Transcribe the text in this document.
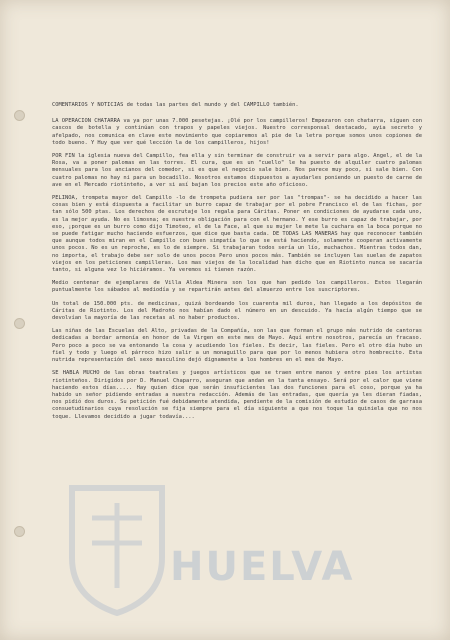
COMENTARIOS Y NOTICIAS de todas las partes del mundo y del CAMPILLO también.

LA OPERACION CHATARRA va ya por unas 7.000 pesetejas. ¡Olé por los campilleros! Empezaron con chatarra, siguen con cascos de botella y continúan con trapos y papeles viejos. Nuestro corresponsal destacado, ayia secreto y afelpado, nos comunica en clave este movimiento que copiaremos al pie de la letra porque somos unos copiones de todo bueno. Y Huy que ver qué lección la de los campilleros, hijos!

POR FIN la iglesia nueva del Campillo, fea ella y sin terminar de construir va a servir para algo. Angel, el de la Rosa, va a poner palomas en las torres. El cura, que es un "cuello" le ha puesto de alquiler cuatro palomas mensuales para los ancianos del comedor, si es que el negocio sale bien. Nos parece muy poco, si sale bien. Con cuatro palomas no hay ni para un bocadillo. Nosotros estamos dispuestos a ayudarles poniendo un puesto de carne de ave en el Mercado riotinteño, a ver si así bajan los precios este año oficioso.

PELINOA, trompeta mayor del Campillo -lo de trompeta pudiera ser por las "trompas"- se ha decidido a hacer las cosas bien y está dispuesta a facilitar un burro capaz de trabajar por el pobre Francisco el de las fichas, por tan sólo 500 ptas. Los derechos de escrutaje los regala para Cáritas. Poner en condiciones de ayudarse cada uno, es la mejor ayuda. No es limosna; es nuestra obligación para con el hermano. Y ese burro es capaz de trabajar, por eso, ¡porque es un burro como dijo Timoteo, el de la Face, al que su mujer le mete la cuchara en la boca porque no se puede fatigar mucho haciendo esfuerzos, que dice que basta cada. DE TODAS LAS MANERAS hay que reconocer también que aunque todos miran en el Campillo con buen simpatía lo que se está haciendo, solamente cooperan activamente unos pocos. No es un reproche, es lo de siempre. Si trabajaran todos sería un lío, muchachos. Mientras todos dan, no importa, el trabajo debe ser solo de unos pocos Pero unos pocos más. También se incluyen las suelas de zapatos viejos en los peticiones campilleras. Los mas viejos de la localidad han dicho que en Riotinto nunca se sacaría tanto, si alguna vez lo hiciéramos. Ya veremos si tienen razón.

Medio centenar de ejemplares de Villa Aldea Minera son los que han pedido los campilleros. Estos llegarán puntualmente los sábados al mediodía y se repartirán antes del almuerzo entre los suscriptores.

Un total de 150.000 pts. de medicinas, quizá bordeando los cuarenta mil duros, han llegado a los depósitos de Cáritas de Riotinto. Los del Madroño nos habían dado el número en un descuido. Ya hacía algún tiempo que se devolvían la mayoría de las recetas al no haber productos.

Las niñas de las Escuelas del Alto, privadas de la Compañía, son las que forman el grupo más nutrido de cantoras dedicadas a bordar armonía en honor de la Virgen en este mes de Mayo. Aquí entre nosotros, parecía un fracaso. Pero poco a poco se va entonando la cosa y acudiendo los fieles. Es decir, las fieles. Pero el otro día hubo un fiel y todo y luego el párroco hizo salir a un monaguillo para que por lo menos hubiera otro hombrecito. Esta nutrida representación del sexo masculino dejó dignamente a los hombres en el mes de Mayo.

SE HABLA MUCHO de las obras teatrales y juegos artísticos que se traen entre manos y entre pies los artistas riotinteños. Dirigidos por D. Manuel Chaparro, aseguran que andan en la tanta ensayo. Será por el calor que viene haciendo estos días..... Hay quien dice que serán insuficientes las dos funciones para el coso, porque ya ha habido un señor pidiendo entradas a nuestra redacción. Además de las entradas, que quería ya les dieran fiadas, nos pidió dos duros. Su petición fué debidamente atendida, pendiente de la comisión de estudio de casos de garrasa consuetudinarios cuya resolución se fija siempre para el día siguiente a que nos toque la quiniela que no nos toque. Llevamos decidido a jugar todavía....

HUELVA
